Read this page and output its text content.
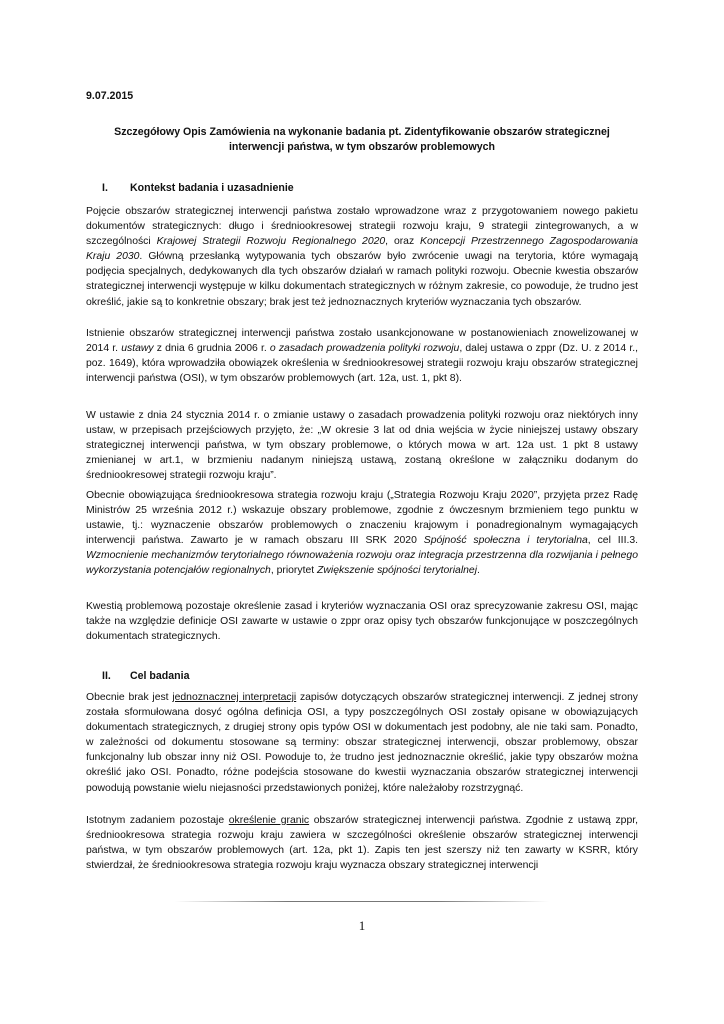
9.07.2015
Szczegółowy Opis Zamówienia na wykonanie badania pt. Zidentyfikowanie obszarów strategicznej
interwencji państwa, w tym obszarów problemowych
I. Kontekst badania i uzasadnienie
Pojęcie obszarów strategicznej interwencji państwa zostało wprowadzone wraz z przygotowaniem nowego pakietu dokumentów strategicznych: długo i średniookresowej strategii rozwoju kraju, 9 strategii zintegrowanych, a w szczególności Krajowej Strategii Rozwoju Regionalnego 2020, oraz Koncepcji Przestrzennego Zagospodarowania Kraju 2030. Główną przesłanką wytypowania tych obszarów było zwrócenie uwagi na terytoria, które wymagają podjęcia specjalnych, dedykowanych dla tych obszarów działań w ramach polityki rozwoju. Obecnie kwestia obszarów strategicznej interwencji występuje w kilku dokumentach strategicznych w różnym zakresie, co powoduje, że trudno jest określić, jakie są to konkretnie obszary; brak jest też jednoznacznych kryteriów wyznaczania tych obszarów.
Istnienie obszarów strategicznej interwencji państwa zostało usankcjonowane w postanowieniach znowelizowanej w 2014 r. ustawy z dnia 6 grudnia 2006 r. o zasadach prowadzenia polityki rozwoju, dalej ustawa o zppr (Dz. U. z 2014 r., poz. 1649), która wprowadziła obowiązek określenia w średniookresowej strategii rozwoju kraju obszarów strategicznej interwencji państwa (OSI), w tym obszarów problemowych (art. 12a, ust. 1, pkt 8).
W ustawie z dnia 24 stycznia 2014 r. o zmianie ustawy o zasadach prowadzenia polityki rozwoju oraz niektórych inny ustaw, w przepisach przejściowych przyjęto, że: „W okresie 3 lat od dnia wejścia w życie niniejszej ustawy obszary strategicznej interwencji państwa, w tym obszary problemowe, o których mowa w art. 12a ust. 1 pkt 8 ustawy zmienianej w art.1, w brzmieniu nadanym niniejszą ustawą, zostaną określone w załączniku dodanym do średniookresowej strategii rozwoju kraju”.
Obecnie obowiązująca średniookresowa strategia rozwoju kraju („Strategia Rozwoju Kraju 2020”, przyjęta przez Radę Ministrów 25 września 2012 r.) wskazuje obszary problemowe, zgodnie z ówczesnym brzmieniem tego punktu w ustawie, tj.: wyznaczenie obszarów problemowych o znaczeniu krajowym i ponadregionalnym wymagających interwencji państwa. Zawarto je w ramach obszaru III SRK 2020 Spójność społeczna i terytorialna, cel III.3. Wzmocnienie mechanizmów terytorialnego równoważenia rozwoju oraz integracja przestrzenna dla rozwijania i pełnego wykorzystania potencjałów regionalnych, priorytet Zwiększenie spójności terytorialnej.
Kwestią problemową pozostaje określenie zasad i kryteriów wyznaczania OSI oraz sprecyzowanie zakresu OSI, mając także na względzie definicje OSI zawarte w ustawie o zppr oraz opisy tych obszarów funkcjonujące w poszczególnych dokumentach strategicznych.
II. Cel badania
Obecnie brak jest jednoznacznej interpretacji zapisów dotyczących obszarów strategicznej interwencji. Z jednej strony została sformułowana dosyć ogólna definicja OSI, a typy poszczególnych OSI zostały opisane w obowiązujących dokumentach strategicznych, z drugiej strony opis typów OSI w dokumentach jest podobny, ale nie taki sam. Ponadto, w zależności od dokumentu stosowane są terminy: obszar strategicznej interwencji, obszar problemowy, obszar funkcjonalny lub obszar inny niż OSI. Powoduje to, że trudno jest jednoznacznie określić, jakie typy obszarów można określić jako OSI. Ponadto, różne podejścia stosowane do kwestii wyznaczania obszarów strategicznej interwencji powodują powstanie wielu niejasności przedstawionych poniżej, które należałoby rozstrzygnąć.
Istotnym zadaniem pozostaje określenie granic obszarów strategicznej interwencji państwa. Zgodnie z ustawą zppr, średniookresowa strategia rozwoju kraju zawiera w szczególności określenie obszarów strategicznej interwencji państwa, w tym obszarów problemowych (art. 12a, pkt 1). Zapis ten jest szerszy niż ten zawarty w KSRR, który stwierdzał, że średniookresowa strategia rozwoju kraju wyznacza obszary strategicznej interwencji
1
